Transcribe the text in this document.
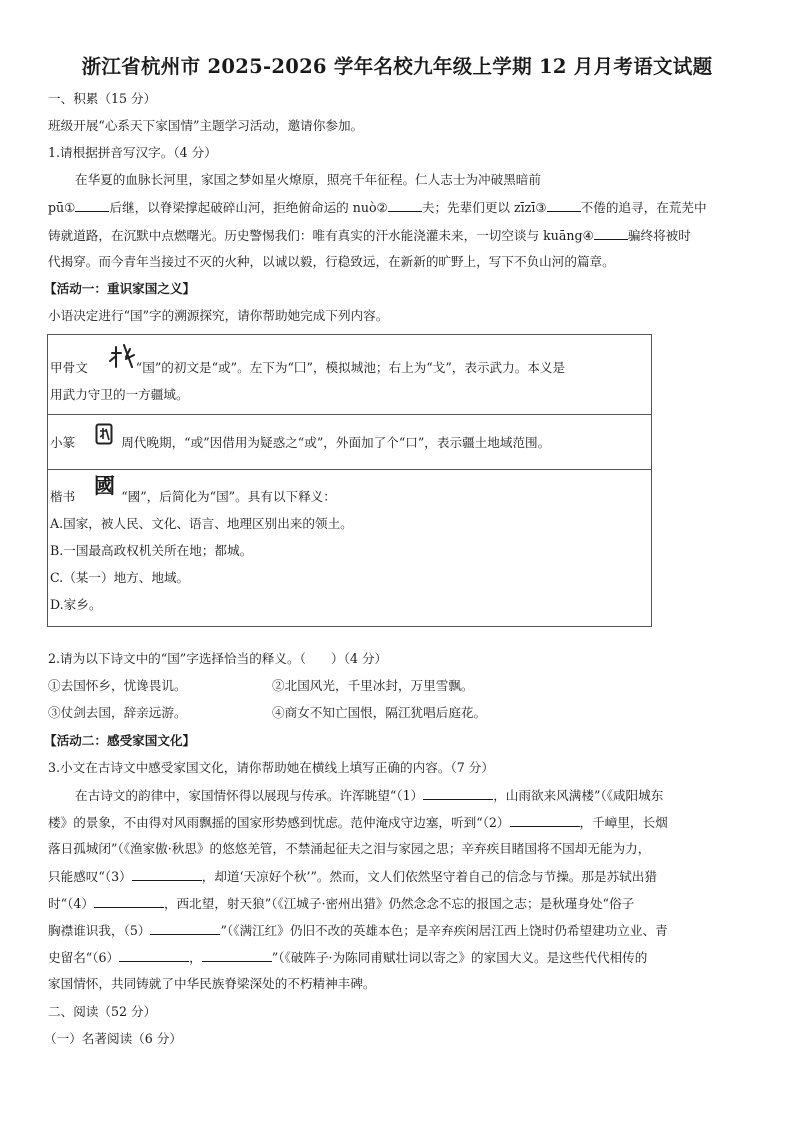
浙江省杭州市 2025-2026 学年名校九年级上学期 12 月月考语文试题
一、积累（15 分）
班级开展“心系天下家国情”主题学习活动，邀请你参加。
1.请根据拼音写汉字。（4 分）
在华夏的血脉长河里，家国之梦如星火燎原，照亮千年征程。仁人志士为冲破黑暗前
pū①	后继，以脊梁撑起破碎山河，拒绝俯命运的 nuò②	夫；先辈们更以 zīzī③	不倦的追寻，在荒芜中
铸就道路，在沉默中点燃曙光。历史警惕我们：唯有真实的汗水能浇灌未来，一切空谈与 kuāng④	骗终将被时
代揭穿。而今青年当接过不灭的火种，以诚以毅，行稳致远，在新新的旷野上，写下不负山河的篇章。
【活动一：重识家国之义】
小语决定进行“国”字的溯源探究，请你帮助她完成下列内容。
甲骨文	“国”的初文是“或”。左下为“囗”，模拟城池；右上为“戈”，表示武力。本义是
用武力守卫的一方疆域。

小篆	周代晚期，“或”因借用为疑惑之“或”，外面加了个“口”，表示疆土地域范围。

國
楷书	“國”，后简化为“国”。具有以下释义：
A.国家，被人民、文化、语言、地理区别出来的领土。
B.一国最高政权机关所在地；都城。
C.（某一）地方、地域。
D.家乡。
2.请为以下诗文中的“国”字选择恰当的释义。（　　）（4 分）
①去国怀乡，忧谗畏讥。	②北国风光，千里冰封，万里雪飘。
③仗剑去国，辞亲远游。	④商女不知亡国恨，隔江犹唱后庭花。
【活动二：感受家国文化】
3.小文在古诗文中感受家国文化，请你帮助她在横线上填写正确的内容。（7 分）
在古诗文的韵律中，家国情怀得以展现与传承。许浑眺望“（1）	，山雨欲来风满楼”（《咸阳城东
楼》的景象，不由得对风雨飘摇的国家形势感到忧虑。范仲淹戍守边塞，听到“（2）	，千嶂里，长烟
落日孤城闭”（《渔家傲·秋思》的悠悠羌管，不禁涌起征夫之泪与家园之思；辛弃疾目睹国将不国却无能为力，
只能感叹“（3）	，却道‘天凉好个秋’”。然而，文人们依然坚守着自己的信念与节操。那是苏轼出猎
时“（4）	，西北望，射天狼”（《江城子·密州出猎》仍然念念不忘的报国之志；是秋瑾身处“俗子
胸襟谁识我，（5）	”（《满江红》仍旧不改的英雄本色；是辛弃疾闲居江西上饶时仍希望建功立业、青
史留名“（6）	，	”（《破阵子·为陈同甫赋壮词以寄之》的家国大义。是这些代代相传的
家国情怀，共同铸就了中华民族脊梁深处的不朽精神丰碑。
二、阅读（52 分）
（一）名著阅读（6 分）
